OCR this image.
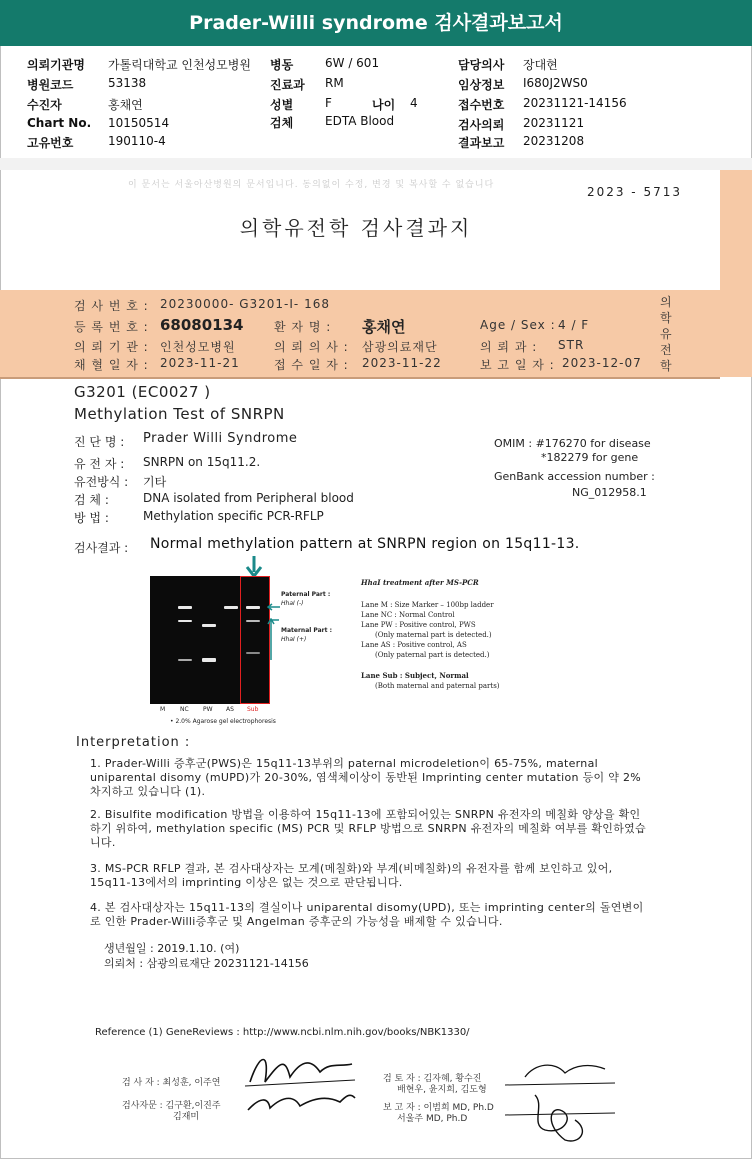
Prader-Willi syndrome 검사결과보고서
의뢰기관명 가톨릭대학교 인천성모병원
병원코드	53138
수진자	홍채연
Chart No. 10150514
고유번호	190110-4
병동	6W / 601
진료과 RM
성별	F	나이 4
검체	EDTA Blood
담당의사 장대현
임상정보 I680J2WS0
접수번호 20231121-14156
검사의뢰 20231121
결과보고 20231208
이 문서는 서울아산병원의 문서입니다. 동의없이 수정, 변경 및 복사할 수 없습니다	2023 - 5713
의학유전학 검사결과지
의학유전학
검 사 번 호 : 20230000- G3201-I- 168
등 록 번 호 : 68080134	환 자 명 : 홍채연	Age / Sex : 4 / F
의 뢰 기 관 : 인천성모병원	의 뢰 의 사 : 삼광의료재단	의 뢰 과 : STR
채 혈 일 자 : 2023-11-21	접 수 일 자 : 2023-11-22	보 고 일 자 : 2023-12-07
G3201 (EC0027 )
Methylation Test of SNRPN
진 단 명 : Prader Willi Syndrome
유 전 자 : SNRPN on 15q11.2.
유전방식 : 기타
검 체 :	DNA isolated from Peripheral blood
방 법 :	Methylation specific PCR-RFLP
OMIM : #176270 for disease
*182279 for gene
GenBank accession number :
NG_012958.1
검사결과 : Normal methylation pattern at SNRPN region on 15q11-13.
M NC PW AS Sub
• 2.0% Agarose gel electrophoresis
Paternal Part :
HhaI (-)
Maternal Part :
HhaI (+)
HhaI treatment after MS-PCR
Lane M : Size Marker – 100bp ladder
Lane NC : Normal Control
Lane PW : Positive control, PWS
(Only maternal part is detected.)
Lane AS : Positive control, AS
(Only paternal part is detected.)
Lane Sub : Subject, Normal
(Both maternal and paternal parts)
Interpretation :
1. Prader-Willi 증후군(PWS)은 15q11-13부위의 paternal microdeletion이 65-75%, maternal uniparental disomy (mUPD)가 20-30%, 염색체이상이 동반된 Imprinting center mutation 등이 약 2% 차지하고 있습니다 (1).
2. Bisulfite modification 방법을 이용하여 15q11-13에 포함되어있는 SNRPN 유전자의 메칠화 양상을 확인하기 위하여, methylation specific (MS) PCR 및 RFLP 방법으로 SNRPN 유전자의 메칠화 여부를 확인하였습니다.
3. MS-PCR RFLP 결과, 본 검사대상자는 모계(메칠화)와 부계(비메칠화)의 유전자를 함께 보인하고 있어, 15q11-13에서의 imprinting 이상은 없는 것으로 판단됩니다.
4. 본 검사대상자는 15q11-13의 결실이나 uniparental disomy(UPD), 또는 imprinting center의 돌연변이로 인한 Prader-Willi증후군 및 Angelman 증후군의 가능성을 배제할 수 있습니다.
생년월일 : 2019.1.10. (여)
의뢰처 : 삼광의료재단 20231121-14156
Reference (1) GeneReviews : http://www.ncbi.nlm.nih.gov/books/NBK1330/
검 사 자 : 최성훈, 이주연
검사자문 : 김구환,이진주
김재미
검 토 자 : 김자혜, 황수진
배현우, 윤지희, 김도형
보 고 자 : 이범희 MD, Ph.D
서울주 MD, Ph.D
